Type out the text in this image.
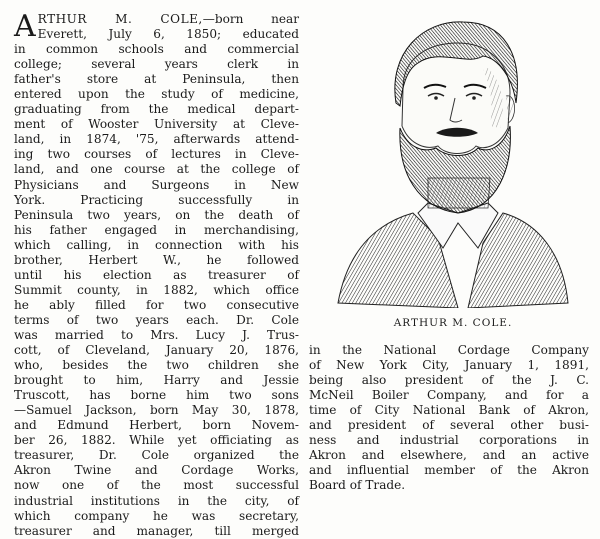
A RTHUR M. COLE,—born near
Everett, July 6, 1850; educated
in common schools and commercial
college; several years clerk in
father's store at Peninsula, then
entered upon the study of medicine,
graduating from the medical depart-
ment of Wooster University at Cleve-
land, in 1874, '75, afterwards attend-
ing two courses of lectures in Cleve-
land, and one course at the college of
Physicians and Surgeons in New
York. Practicing successfully in
Peninsula two years, on the death of
his father engaged in merchandising,
which calling, in connection with his
brother, Herbert W., he followed
until his election as treasurer of
Summit county, in 1882, which office
he ably filled for two consecutive
terms of two years each. Dr. Cole
was married to Mrs. Lucy J. Trus-
cott, of Cleveland, January 20, 1876,
who, besides the two children she
brought to him, Harry and Jessie
Truscott, has borne him two sons
—Samuel Jackson, born May 30, 1878,
and Edmund Herbert, born Novem-
ber 26, 1882. While yet officiating as
treasurer, Dr. Cole organized the
Akron Twine and Cordage Works,
now one of the most successful
industrial institutions in the city, of
which company he was secretary,
treasurer and manager, till merged
ARTHUR M. COLE.
in the National Cordage Company
of New York City, January 1, 1891,
being also president of the J. C.
McNeil Boiler Company, and for a
time of City National Bank of Akron,
and president of several other busi-
ness and industrial corporations in
Akron and elsewhere, and an active
and influential member of the Akron
Board of Trade.
